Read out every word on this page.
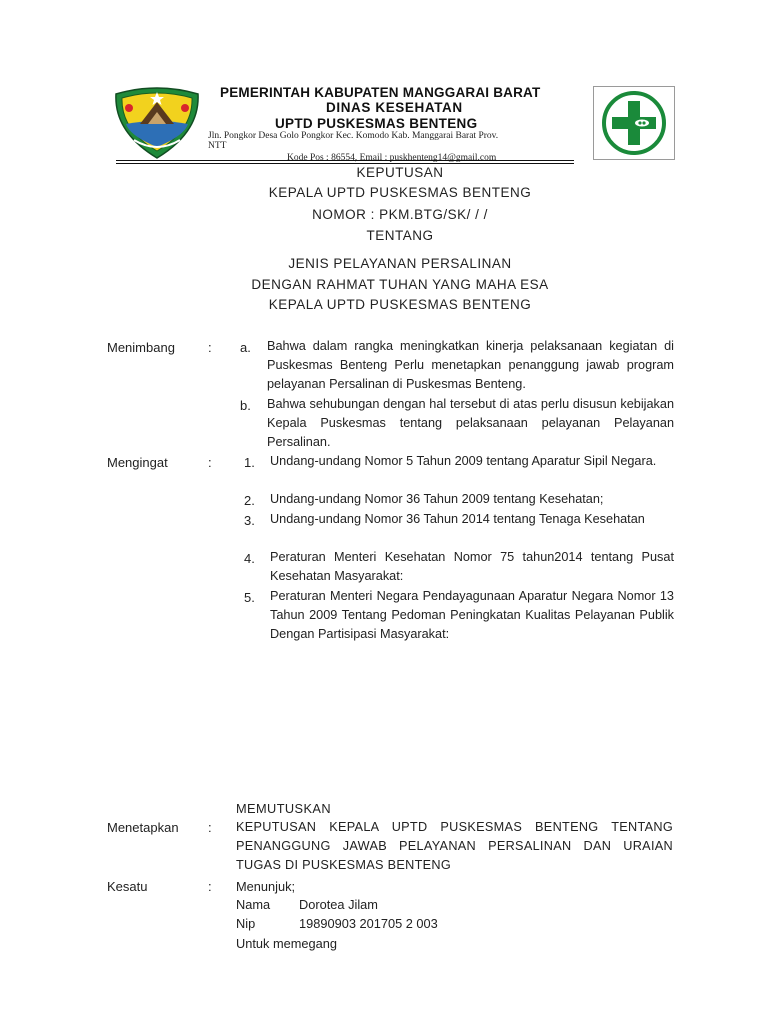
PEMERINTAH KABUPATEN MANGGARAI BARAT
DINAS KESEHATAN
UPTD PUSKESMAS BENTENG
Jln. Pongkor Desa Golo Pongkor Kec. Komodo Kab. Manggarai Barat Prov.
NTT
Kode Pos : 86554, Email : puskhenteng14@gmail.com
KEPUTUSAN
KEPALA UPTD PUSKESMAS BENTENG
NOMOR : PKM.BTG/SK/ / /
TENTANG
JENIS PELAYANAN PERSALINAN
DENGAN RAHMAT TUHAN YANG MAHA ESA
KEPALA UPTD PUSKESMAS BENTENG
Menimbang	: a. Bahwa dalam rangka meningkatkan kinerja pelaksanaan kegiatan di Puskesmas Benteng Perlu menetapkan penanggung jawab program pelayanan Persalinan di Puskesmas Benteng.
b. Bahwa sehubungan dengan hal tersebut di atas perlu disusun kebijakan Kepala Puskesmas tentang pelaksanaan pelayanan Pelayanan Persalinan.
Mengingat	: 1. Undang-undang Nomor 5 Tahun 2009 tentang Aparatur Sipil Negara.
2. Undang-undang Nomor 36 Tahun 2009 tentang Kesehatan;
3. Undang-undang Nomor 36 Tahun 2014 tentang Tenaga Kesehatan
4. Peraturan Menteri Kesehatan Nomor 75 tahun2014 tentang Pusat Kesehatan Masyarakat:
5. Peraturan Menteri Negara Pendayagunaan Aparatur Negara Nomor 13 Tahun 2009 Tentang Pedoman Peningkatan Kualitas Pelayanan Publik Dengan Partisipasi Masyarakat:
MEMUTUSKAN
Menetapkan : KEPUTUSAN KEPALA UPTD PUSKESMAS BENTENG TENTANG PENANGGUNG JAWAB PELAYANAN PERSALINAN DAN URAIAN TUGAS DI PUSKESMAS BENTENG
Kesatu	: Menunjuk;
Nama Dorotea Jilam
Nip	19890903 201705 2 003
Untuk memegang
